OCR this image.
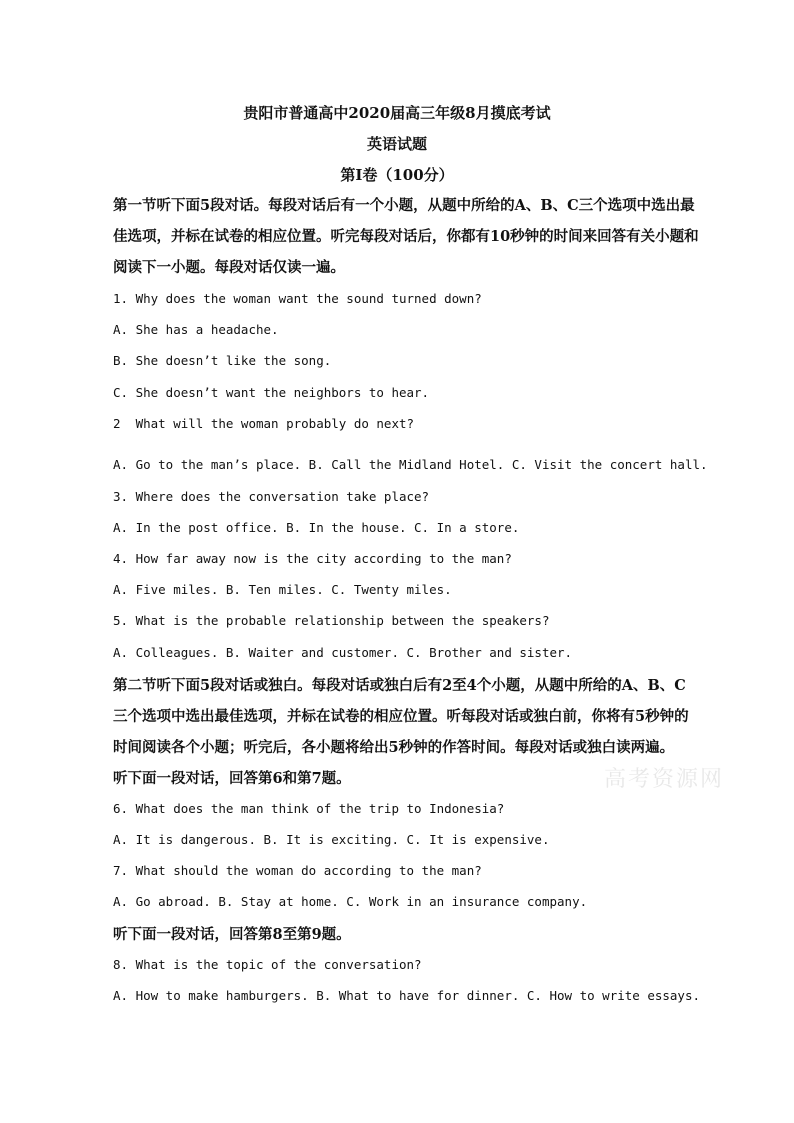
贵阳市普通高中2020届高三年级8月摸底考试
英语试题
第Ⅰ卷（100分）
第一节听下面5段对话。每段对话后有一个小题，从题中所给的A、B、C三个选项中选出最
佳选项，并标在试卷的相应位置。听完每段对话后，你都有10秒钟的时间来回答有关小题和
阅读下一小题。每段对话仅读一遍。
1. Why does the woman want the sound turned down?
A. She has a headache.
B. She doesn’t like the song.
C. She doesn’t want the neighbors to hear.
2  What will the woman probably do next?
A. Go to the man’s place. B. Call the Midland Hotel. C. Visit the concert hall.
3. Where does the conversation take place?
A. In the post office. B. In the house. C. In a store.
4. How far away now is the city according to the man?
A. Five miles. B. Ten miles. C. Twenty miles.
5. What is the probable relationship between the speakers?
A. Colleagues. B. Waiter and customer. C. Brother and sister.
第二节听下面5段对话或独白。每段对话或独白后有2至4个小题，从题中所给的A、B、C
三个选项中选出最佳选项，并标在试卷的相应位置。听每段对话或独白前，你将有5秒钟的
时间阅读各个小题；听完后，各小题将给出5秒钟的作答时间。每段对话或独白读两遍。
听下面一段对话，回答第6和第7题。	高考资源网
6. What does the man think of the trip to Indonesia?
A. It is dangerous. B. It is exciting. C. It is expensive.
7. What should the woman do according to the man?
A. Go abroad. B. Stay at home. C. Work in an insurance company.
听下面一段对话，回答第8至第9题。
8. What is the topic of the conversation?
A. How to make hamburgers. B. What to have for dinner. C. How to write essays.
